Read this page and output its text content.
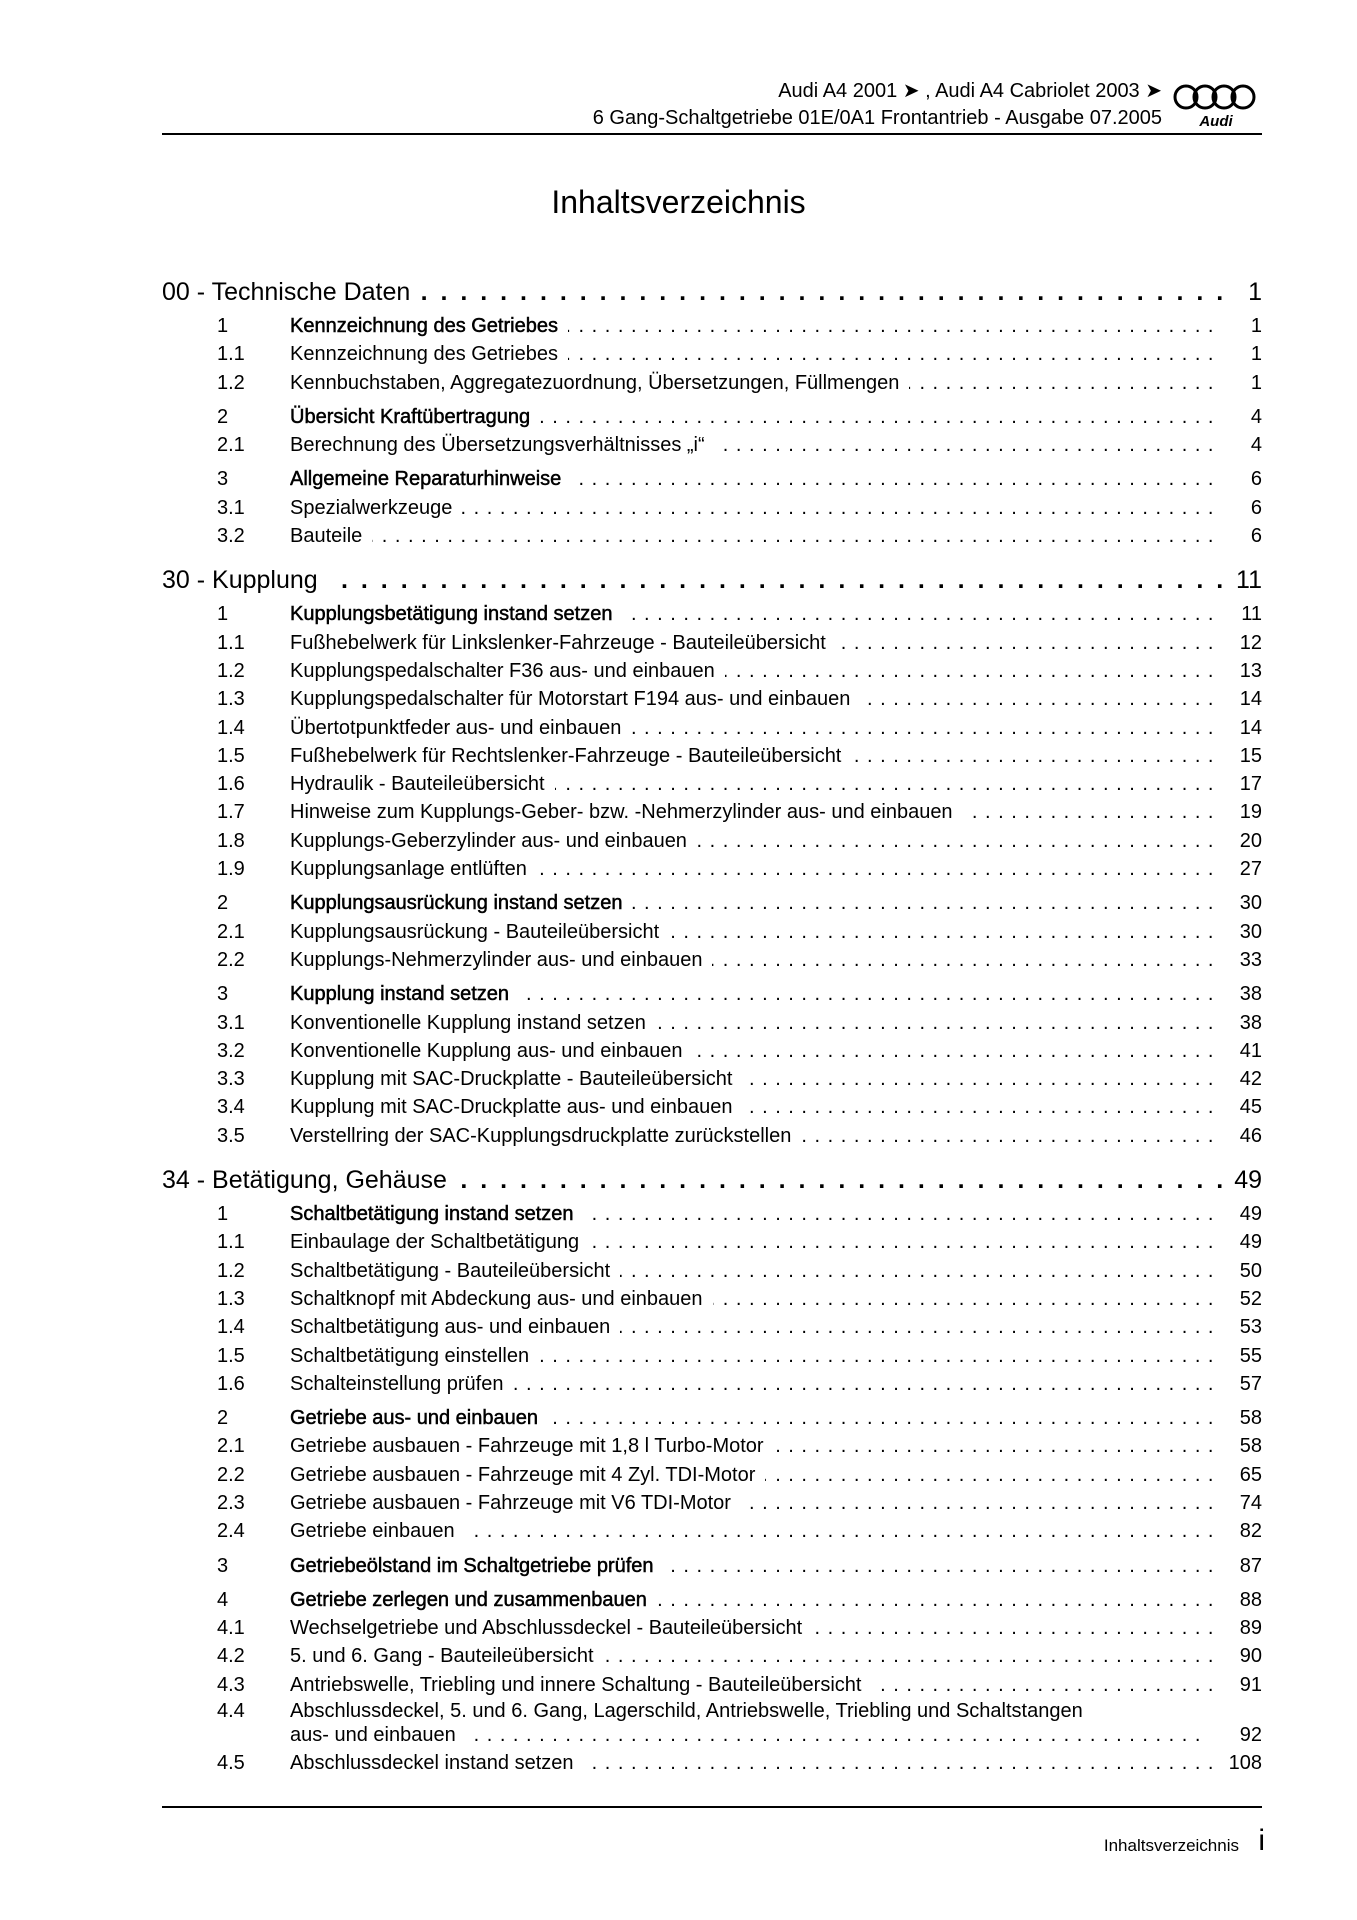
Audi A4 2001 ➤ , Audi A4 Cabriolet 2003 ➤
6 Gang-Schaltgetriebe 01E/0A1 Frontantrieb - Ausgabe 07.2005 Audi
Inhaltsverzeichnis
00 - Technische Daten . . .	1
1	Kennzeichnung des Getriebes . . .	1
1.1 Kennzeichnung des Getriebes . . .	1
1.2 Kennbuchstaben, Aggregatezuordnung, Übersetzungen, Füllmengen . . .	1
2	Übersicht Kraftübertragung . . .	4
2.1 Berechnung des Übersetzungsverhältnisses „i“ . . .	4
3	Allgemeine Reparaturhinweise . . .	6
3.1 Spezialwerkzeuge . . .	6
3.2 Bauteile . . .	6
30 - Kupplung . . .	11
1	Kupplungsbetätigung instand setzen . . .	11
1.1 Fußhebelwerk für Linkslenker-Fahrzeuge - Bauteileübersicht . . .	12
1.2 Kupplungspedalschalter F36 aus- und einbauen . . .	13
1.3 Kupplungspedalschalter für Motorstart F194 aus- und einbauen . . .	14
1.4 Übertotpunktfeder aus- und einbauen . . .	14
1.5 Fußhebelwerk für Rechtslenker-Fahrzeuge - Bauteileübersicht . . .	15
1.6 Hydraulik - Bauteileübersicht . . .	17
1.7 Hinweise zum Kupplungs-Geber- bzw. -Nehmerzylinder aus- und einbauen . . .	19
1.8 Kupplungs-Geberzylinder aus- und einbauen . . .	20
1.9 Kupplungsanlage entlüften . . .	27
2	Kupplungsausrückung instand setzen . . .	30
2.1 Kupplungsausrückung - Bauteileübersicht . . .	30
2.2 Kupplungs-Nehmerzylinder aus- und einbauen . . .	33
3	Kupplung instand setzen . . .	38
3.1 Konventionelle Kupplung instand setzen . . .	38
3.2 Konventionelle Kupplung aus- und einbauen . . .	41
3.3 Kupplung mit SAC-Druckplatte - Bauteileübersicht . . .	42
3.4 Kupplung mit SAC-Druckplatte aus- und einbauen . . .	45
3.5 Verstellring der SAC-Kupplungsdruckplatte zurückstellen . . .	46
34 - Betätigung, Gehäuse . . .	49
1	Schaltbetätigung instand setzen . . .	49
1.1 Einbaulage der Schaltbetätigung . . .	49
1.2 Schaltbetätigung - Bauteileübersicht . . .	50
1.3 Schaltknopf mit Abdeckung aus- und einbauen . . .	52
1.4 Schaltbetätigung aus- und einbauen . . .	53
1.5 Schaltbetätigung einstellen . . .	55
1.6 Schalteinstellung prüfen . . .	57
2	Getriebe aus- und einbauen . . .	58
2.1 Getriebe ausbauen - Fahrzeuge mit 1,8 l Turbo-Motor . . .	58
2.2 Getriebe ausbauen - Fahrzeuge mit 4 Zyl. TDI-Motor . . .	65
2.3 Getriebe ausbauen - Fahrzeuge mit V6 TDI-Motor . . .	74
2.4 Getriebe einbauen . . .	82
3	Getriebeölstand im Schaltgetriebe prüfen . . .	87
4	Getriebe zerlegen und zusammenbauen . . .	88
4.1 Wechselgetriebe und Abschlussdeckel - Bauteileübersicht . . .	89
4.2 5. und 6. Gang - Bauteileübersicht . . .	90
4.3 Antriebswelle, Triebling und innere Schaltung - Bauteileübersicht . . .	91
4.4 Abschlussdeckel, 5. und 6. Gang, Lagerschild, Antriebswelle, Triebling und Schaltstangen
aus- und einbauen . . .	92
4.5 Abschlussdeckel instand setzen . . .	108
Inhaltsverzeichnis i
